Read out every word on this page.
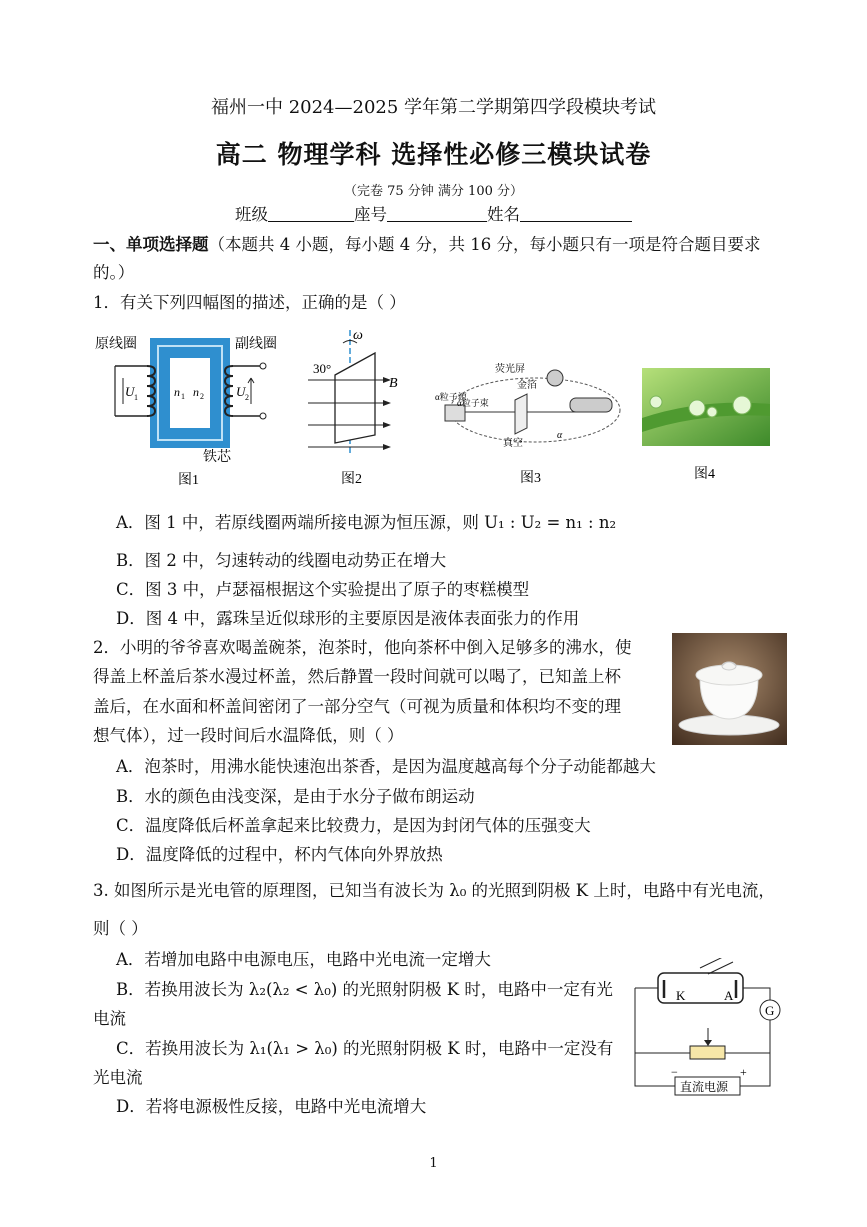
福州一中 2024—2025 学年第二学期第四学段模块考试
高二 物理学科 选择性必修三模块试卷
（完卷 75 分钟 满分 100 分）
班级	座号	姓名
一、单项选择题（本题共 4 小题，每小题 4 分，共 16 分，每小题只有一项是符合题目要求
的。）
1．有关下列四幅图的描述，正确的是（ ）
原线圈	副线圈
铁芯
U 1	n 1 n 2 U 2
图1
ω
30°
B
图2
荧光屏
金箔
α粒子源
α粒子束
真空
α
图3	图4
A．图 1 中，若原线圈两端所接电源为恒压源，则 U₁ : U₂ = n₁ : n₂
B．图 2 中，匀速转动的线圈电动势正在增大
C．图 3 中，卢瑟福根据这个实验提出了原子的枣糕模型
D．图 4 中，露珠呈近似球形的主要原因是液体表面张力的作用
2．小明的爷爷喜欢喝盖碗茶，泡茶时，他向茶杯中倒入足够多的沸水，使
得盖上杯盖后茶水漫过杯盖，然后静置一段时间就可以喝了，已知盖上杯
盖后，在水面和杯盖间密闭了一部分空气（可视为质量和体积均不变的理
想气体），过一段时间后水温降低，则（ ）
A．泡茶时，用沸水能快速泡出茶香，是因为温度越高每个分子动能都越大
B．水的颜色由浅变深，是由于水分子做布朗运动
C．温度降低后杯盖拿起来比较费力，是因为封闭气体的压强变大
D．温度降低的过程中，杯内气体向外界放热
3. 如图所示是光电管的原理图，已知当有波长为 λ₀ 的光照到阴极 K 上时，电路中有光电流，
则（ ）
A．若增加电路中电源电压，电路中光电流一定增大
B．若换用波长为 λ₂(λ₂ < λ₀) 的光照射阴极 K 时，电路中一定有光
电流
C．若换用波长为 λ₁(λ₁ > λ₀) 的光照射阴极 K 时，电路中一定没有
光电流
D．若将电源极性反接，电路中光电流增大
K	A
G
直流电源
−	+
1
